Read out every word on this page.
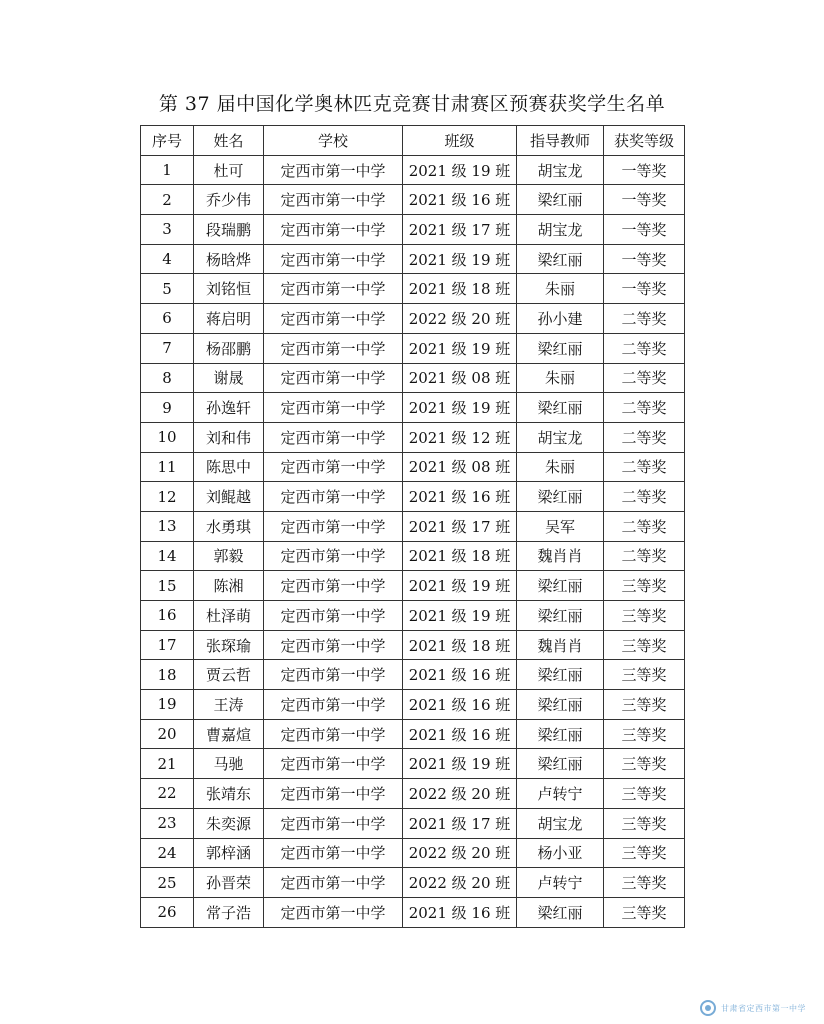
第 37 届中国化学奥林匹克竞赛甘肃赛区预赛获奖学生名单
序号	姓名	学校	班级	指导教师	获奖等级
1	杜可	定西市第一中学	2021 级 19 班	胡宝龙	一等奖
2	乔少伟	定西市第一中学	2021 级 16 班	梁红丽	一等奖
3	段瑞鹏	定西市第一中学	2021 级 17 班	胡宝龙	一等奖
4	杨晗烨	定西市第一中学	2021 级 19 班	梁红丽	一等奖
5	刘铭恒	定西市第一中学	2021 级 18 班	朱丽	一等奖
6	蒋启明	定西市第一中学	2022 级 20 班	孙小建	二等奖
7	杨邵鹏	定西市第一中学	2021 级 19 班	梁红丽	二等奖
8	谢晟	定西市第一中学	2021 级 08 班	朱丽	二等奖
9	孙逸轩	定西市第一中学	2021 级 19 班	梁红丽	二等奖
10	刘和伟	定西市第一中学	2021 级 12 班	胡宝龙	二等奖
11	陈思中	定西市第一中学	2021 级 08 班	朱丽	二等奖
12	刘鲲越	定西市第一中学	2021 级 16 班	梁红丽	二等奖
13	水勇琪	定西市第一中学	2021 级 17 班	吴军	二等奖
14	郭毅	定西市第一中学	2021 级 18 班	魏肖肖	二等奖
15	陈湘	定西市第一中学	2021 级 19 班	梁红丽	三等奖
16	杜泽萌	定西市第一中学	2021 级 19 班	梁红丽	三等奖
17	张琛瑜	定西市第一中学	2021 级 18 班	魏肖肖	三等奖
18	贾云哲	定西市第一中学	2021 级 16 班	梁红丽	三等奖
19	王涛	定西市第一中学	2021 级 16 班	梁红丽	三等奖
20	曹嘉煊	定西市第一中学	2021 级 16 班	梁红丽	三等奖
21	马驰	定西市第一中学	2021 级 19 班	梁红丽	三等奖
22	张靖东	定西市第一中学	2022 级 20 班	卢转宁	三等奖
23	朱奕源	定西市第一中学	2021 级 17 班	胡宝龙	三等奖
24	郭梓涵	定西市第一中学	2022 级 20 班	杨小亚	三等奖
25	孙晋荣	定西市第一中学	2022 级 20 班	卢转宁	三等奖
26	常子浩	定西市第一中学	2021 级 16 班	梁红丽	三等奖
甘肃省定西市第一中学
